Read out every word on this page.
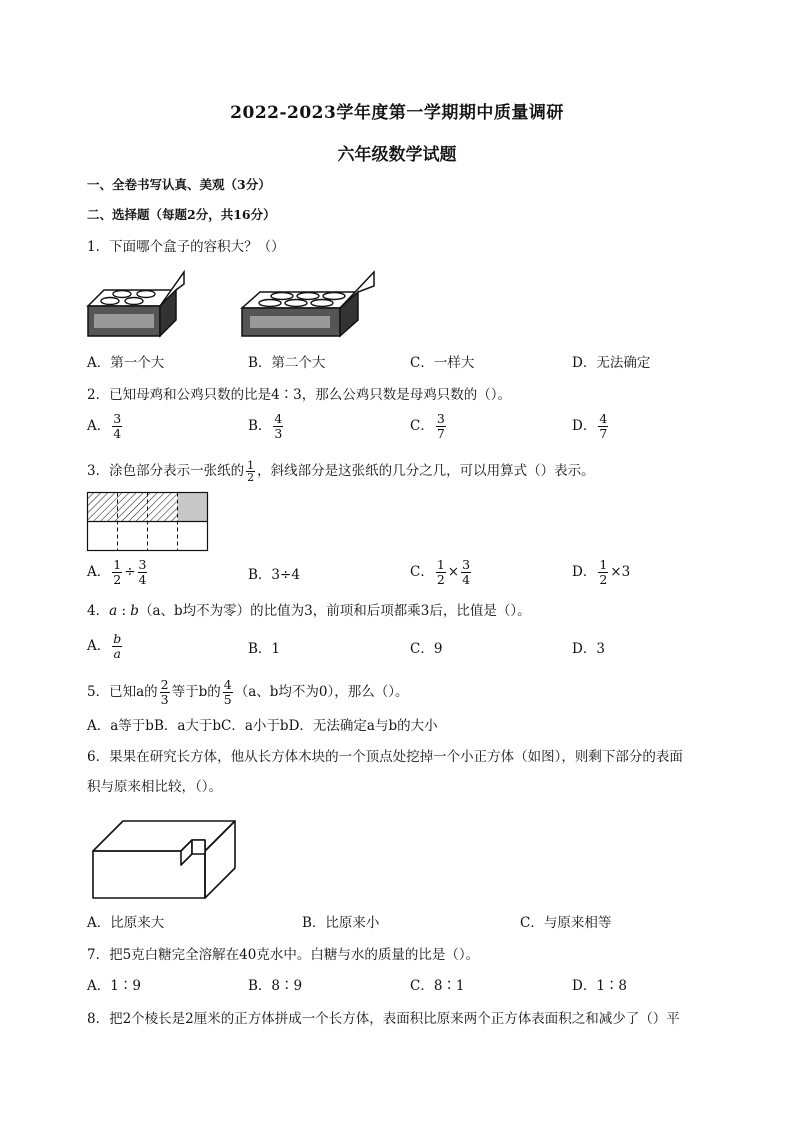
2022-2023学年度第一学期期中质量调研
六年级数学试题
一、全卷书写认真、美观（3分）
二、选择题（每题2分，共16分）
1．下面哪个盒子的容积大？（）
A．第一个大	B．第二个大	C．一样大	D．无法确定
2．已知母鸡和公鸡只数的比是4∶3，那么公鸡只数是母鸡只数的（）。
A． $\frac{3}{4}$	B． $\frac{4}{3}$	C． $\frac{3}{7}$	D． $\frac{4}{7}$
3．涂色部分表示一张纸的 $\frac{1}{2}$ ，斜线部分是这张纸的几分之几，可以用算式（）表示。
A． $\frac{1}{2} \div \frac{3}{4}$	B．3÷4	C． $\frac{1}{2} \times \frac{3}{4}$	D． $\frac{1}{2} \times 3$
4．a : b（a、b均不为零）的比值为3，前项和后项都乘3后，比值是（）。
A． $\frac{b}{a}$	B．1	C．9	D．3
5．已知a的 $\frac{2}{3}$ 等于b的 $\frac{4}{5} (a$、b均不为0），那么（）。
A．a等于bB．a大于bC．a小于bD．无法确定a与b的大小
6．果果在研究长方体，他从长方体木块的一个顶点处挖掉一个小正方体（如图），则剩下部分的表面
积与原来相比较，（）。
A．比原来大	B．比原来小	C．与原来相等
7．把5克白糖完全溶解在40克水中。白糖与水的质量的比是（）。
A．1∶9	B．8∶9	C．8∶1	D．1∶8
8．把2个棱长是2厘米的正方体拼成一个长方体，表面积比原来两个正方体表面积之和减少了（）平
